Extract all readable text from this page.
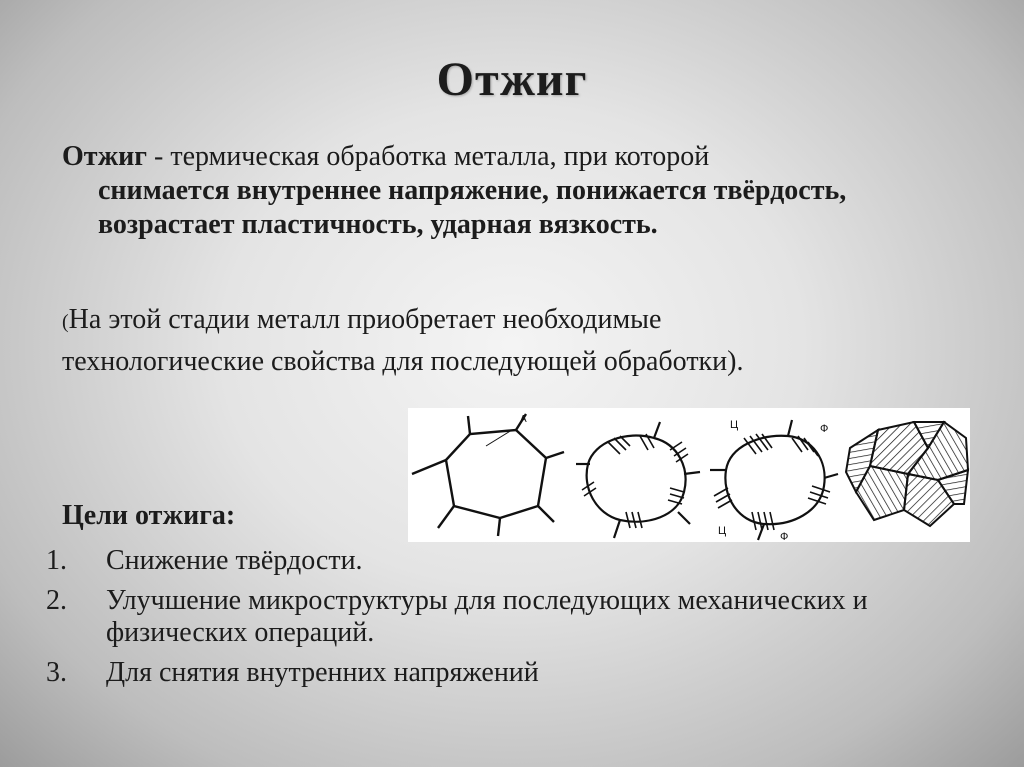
Отжиг
Отжиг - термическая обработка металла, при которой
снимается внутреннее напряжение, понижается твёрдость, возрастает пластичность, ударная вязкость.
(На этой стадии металл приобретает необходимые технологические свойства для последующей обработки).
А	Ц	Ф
Ц	Ф
Цели отжига:
1.	Снижение твёрдости.
2.	Улучшение микроструктуры для последующих механических и физических операций.
3.	Для снятия внутренних напряжений
